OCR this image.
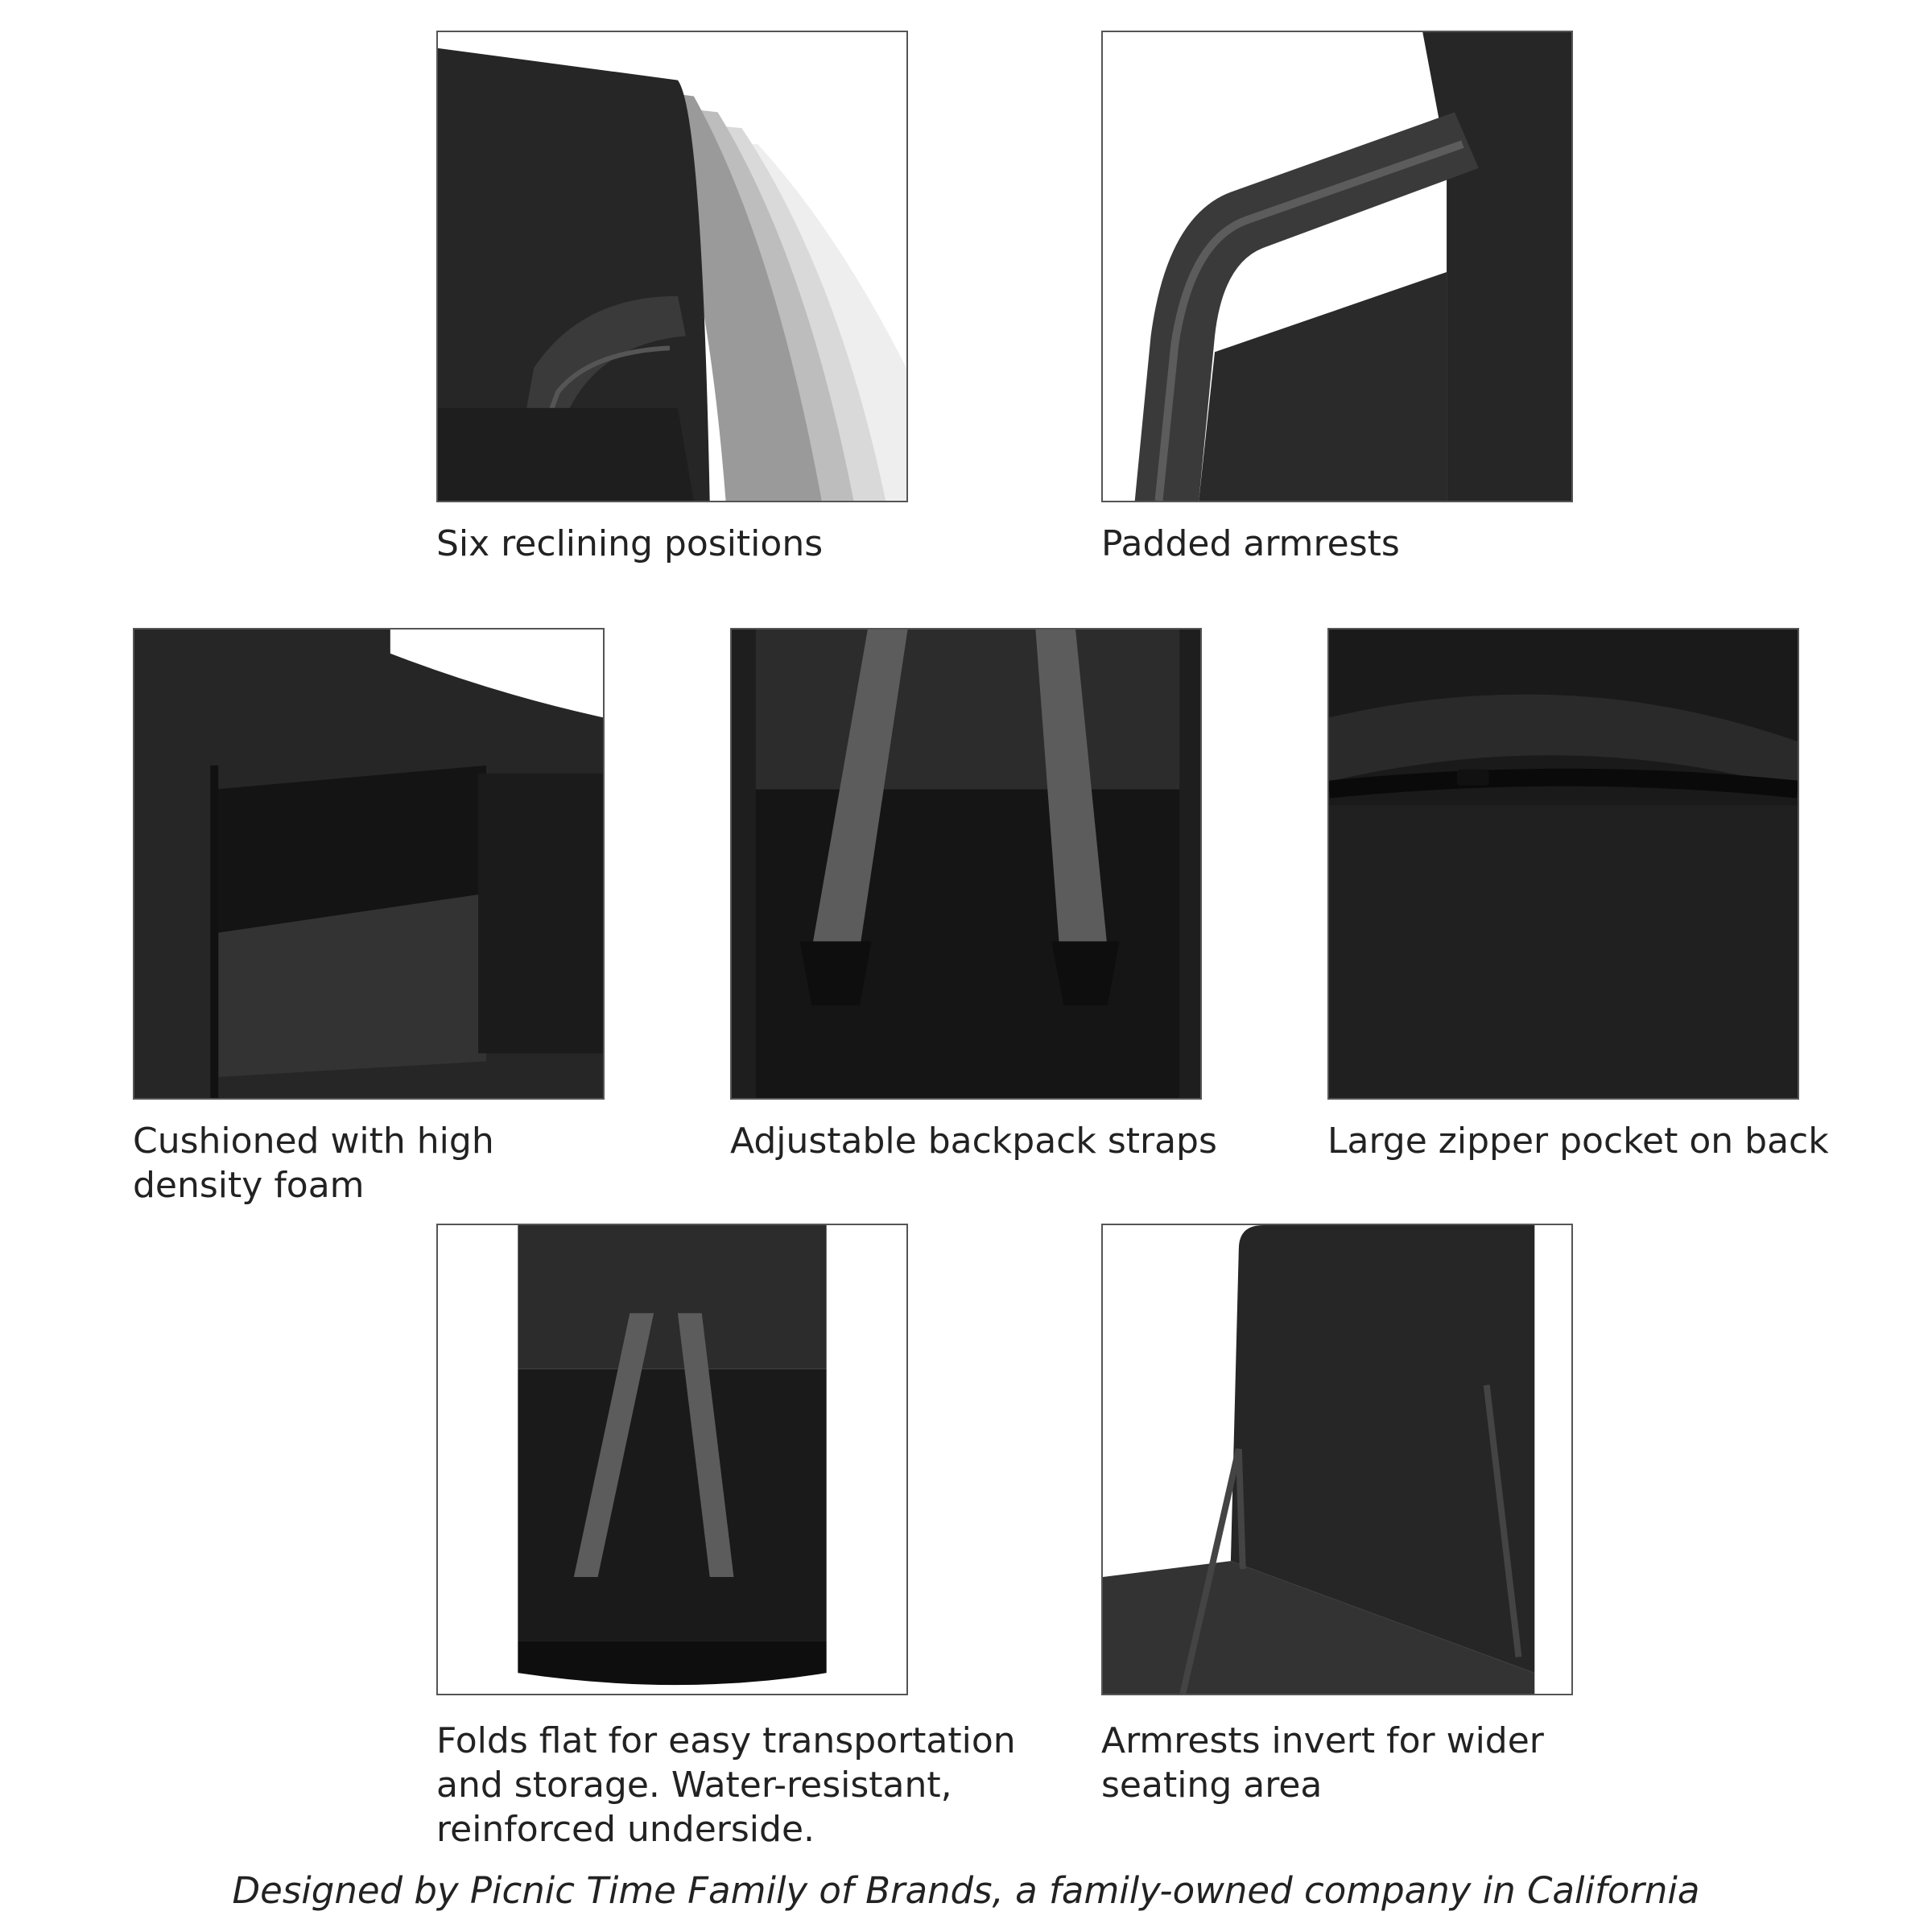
Six reclining positions	Padded armrests

Cushioned with high
density foam

Adjustable backpack straps	Large zipper pocket on back

Folds flat for easy transportation
and storage. Water-resistant,
reinforced underside.

Armrests invert for wider
seating area

Designed by Picnic Time Family of Brands, a family-owned company in California
